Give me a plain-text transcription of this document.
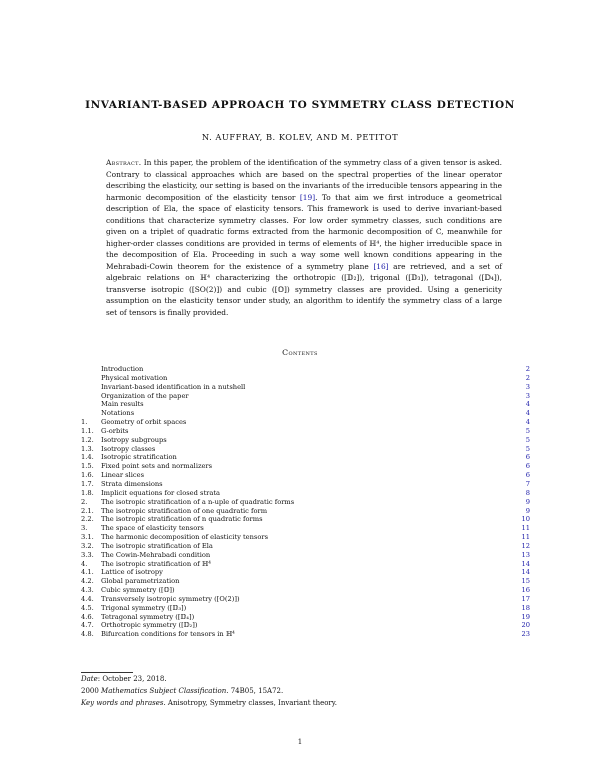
INVARIANT-BASED APPROACH TO SYMMETRY CLASS DETECTION
N. AUFFRAY, B. KOLEV, AND M. PETITOT
Abstract. In this paper, the problem of the identification of the symmetry class of a given tensor is asked. Contrary to classical approaches which are based on the spectral properties of the linear operator describing the elasticity, our setting is based on the invariants of the irreducible tensors appearing in the harmonic decomposition of the elasticity tensor [19]. To that aim we first introduce a geometrical description of Ela, the space of elasticity tensors. This framework is used to derive invariant-based conditions that characterize symmetry classes. For low order symmetry classes, such conditions are given on a triplet of quadratic forms extracted from the harmonic decomposition of C, meanwhile for higher-order classes conditions are provided in terms of elements of ℍ⁴, the higher irreducible space in the decomposition of Ela. Proceeding in such a way some well known conditions appearing in the Mehrabadi-Cowin theorem for the existence of a symmetry plane [16] are retrieved, and a set of algebraic relations on ℍ⁴ characterizing the orthotropic ([𝔻₂]), trigonal ([𝔻₃]), tetragonal ([𝔻₄]), transverse isotropic ([SO(2)]) and cubic ([𝕆]) symmetry classes are provided. Using a genericity assumption on the elasticity tensor under study, an algorithm to identify the symmetry class of a large set of tensors is finally provided.
Contents
Introduction	2
Physical motivation	2
Invariant-based identification in a nutshell	3
Organization of the paper	3
Main results	4
Notations	4
1. Geometry of orbit spaces	4
1.1. G-orbits	5
1.2. Isotropy subgroups	5
1.3. Isotropy classes	5
1.4. Isotropic stratification	6
1.5. Fixed point sets and normalizers	6
1.6. Linear slices	6
1.7. Strata dimensions	7
1.8. Implicit equations for closed strata	8
2. The isotropic stratification of a n-uple of quadratic forms	9
2.1. The isotropic stratification of one quadratic form	9
2.2. The isotropic stratification of n quadratic forms	10
3. The space of elasticity tensors	11
3.1. The harmonic decomposition of elasticity tensors	11
3.2. The isotropic stratification of Ela	12
3.3. The Cowin-Mehrabadi condition	13
4. The isotropic stratification of ℍ⁴	14
4.1. Lattice of isotropy	14
4.2. Global parametrization	15
4.3. Cubic symmetry ([𝕆])	16
4.4. Transversely isotropic symmetry ([O(2)])	17
4.5. Trigonal symmetry ([𝔻₃])	18
4.6. Tetragonal symmetry ([𝔻₄])	19
4.7. Orthotropic symmetry ([𝔻₂])	20
4.8. Bifurcation conditions for tensors in ℍ⁴	23
Date: October 23, 2018.
2000 Mathematics Subject Classification. 74B05, 15A72.
Key words and phrases. Anisotropy, Symmetry classes, Invariant theory.
1
